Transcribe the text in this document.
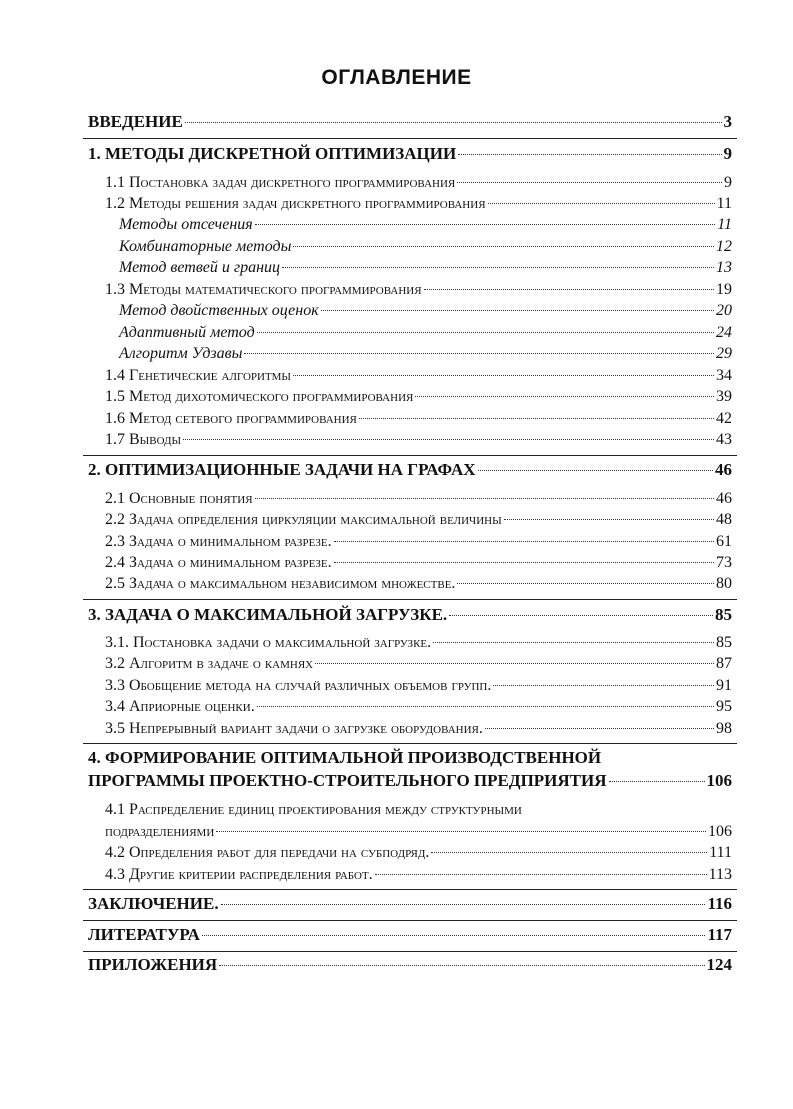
ОГЛАВЛЕНИЕ
ВВЕДЕНИЕ	3
1. МЕТОДЫ ДИСКРЕТНОЙ ОПТИМИЗАЦИИ	9
1.1 Постановка задач дискретного программирования	9
1.2 Методы решения задач дискретного программирования	11
Методы отсечения	11
Комбинаторные методы	12
Метод ветвей и границ	13
1.3 Методы математического программирования	19
Метод двойственных оценок	20
Адаптивный метод	24
Алгоритм Удзавы	29
1.4 Генетические алгоритмы	34
1.5 Метод дихотомического программирования	39
1.6 Метод сетевого программирования	42
1.7 Выводы	43
2. ОПТИМИЗАЦИОННЫЕ ЗАДАЧИ НА ГРАФАХ	46
2.1 Основные понятия	46
2.2 Задача определения циркуляции максимальной величины	48
2.3 Задача о минимальном разрезе.	61
2.4 Задача о минимальном разрезе.	73
2.5 Задача о максимальном независимом множестве.	80
3. ЗАДАЧА О МАКСИМАЛЬНОЙ ЗАГРУЗКЕ.	85
3.1. Постановка задачи о максимальной загрузке.	85
3.2 Алгоритм в задаче о камнях	87
3.3 Обобщение метода на случай различных объемов групп.	91
3.4 Априорные оценки.	95
3.5 Непрерывный вариант задачи о загрузке оборудования.	98
4. ФОРМИРОВАНИЕ ОПТИМАЛЬНОЙ ПРОИЗВОДСТВЕННОЙ
ПРОГРАММЫ ПРОЕКТНО-СТРОИТЕЛЬНОГО ПРЕДПРИЯТИЯ	106
4.1 Распределение единиц проектирования между структурными
подразделениями	106
4.2 Определения работ для передачи на субподряд.	111
4.3 Другие критерии распределения работ.	113
ЗАКЛЮЧЕНИЕ.	116
ЛИТЕРАТУРА	117
ПРИЛОЖЕНИЯ	124
